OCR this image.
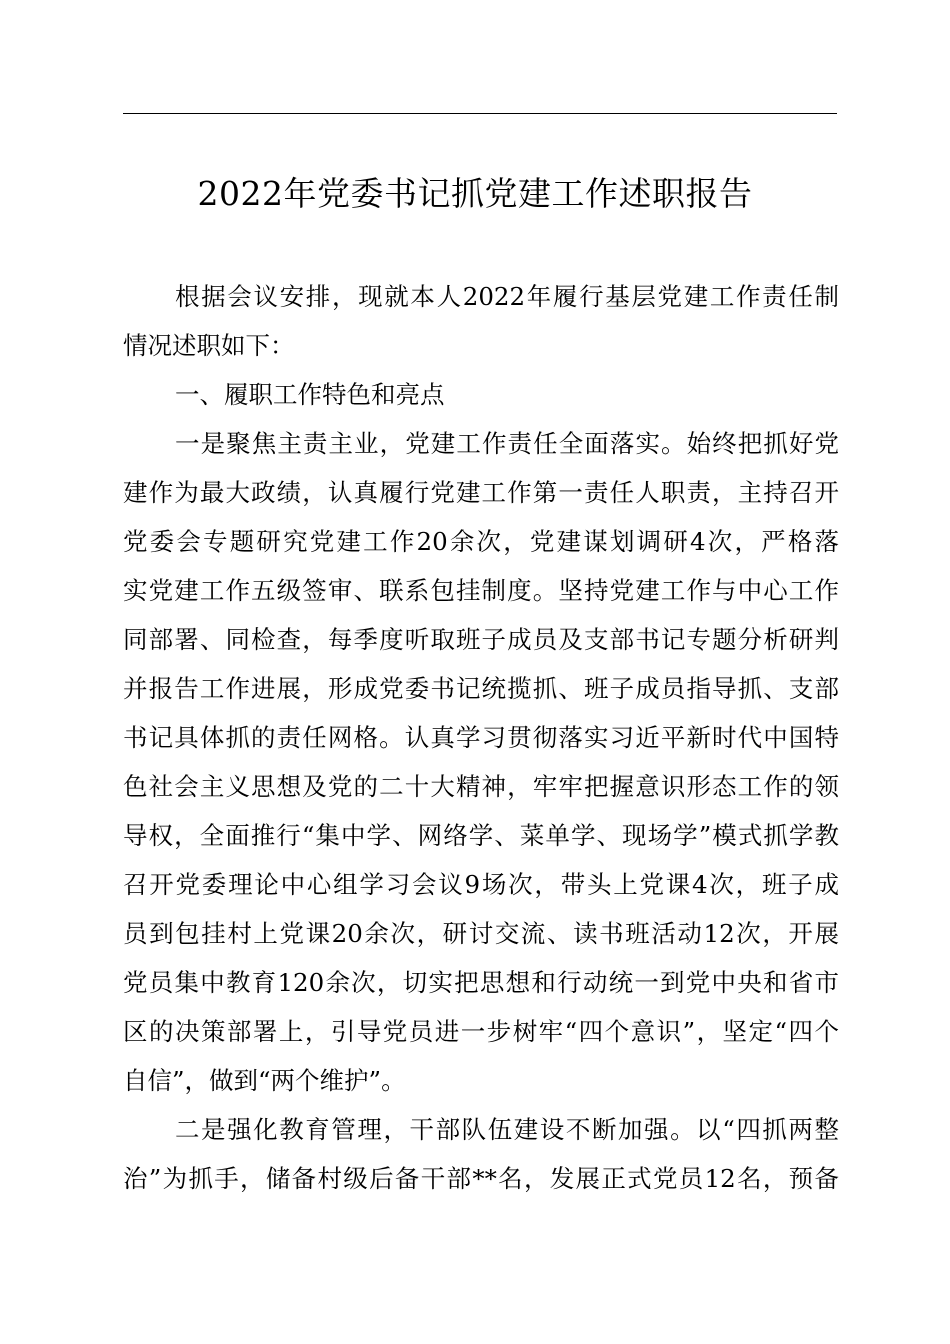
2022年党委书记抓党建工作述职报告
根据会议安排，现就本人2022年履行基层党建工作责任制
情况述职如下：
一、履职工作特色和亮点
一是聚焦主责主业，党建工作责任全面落实。始终把抓好党
建作为最大政绩，认真履行党建工作第一责任人职责，主持召开
党委会专题研究党建工作20余次，党建谋划调研4次，严格落
实党建工作五级签审、联系包挂制度。坚持党建工作与中心工作
同部署、同检查，每季度听取班子成员及支部书记专题分析研判
并报告工作进展，形成党委书记统揽抓、班子成员指导抓、支部
书记具体抓的责任网格。认真学习贯彻落实习近平新时代中国特
色社会主义思想及党的二十大精神，牢牢把握意识形态工作的领
导权，全面推行“集中学、网络学、菜单学、现场学”模式抓学教
召开党委理论中心组学习会议9场次，带头上党课4次，班子成
员到包挂村上党课20余次，研讨交流、读书班活动12次，开展
党员集中教育120余次，切实把思想和行动统一到党中央和省市
区的决策部署上，引导党员进一步树牢“四个意识”，坚定“四个
自信”，做到“两个维护”。
二是强化教育管理，干部队伍建设不断加强。以“四抓两整
治”为抓手，储备村级后备干部**名，发展正式党员12名，预备
